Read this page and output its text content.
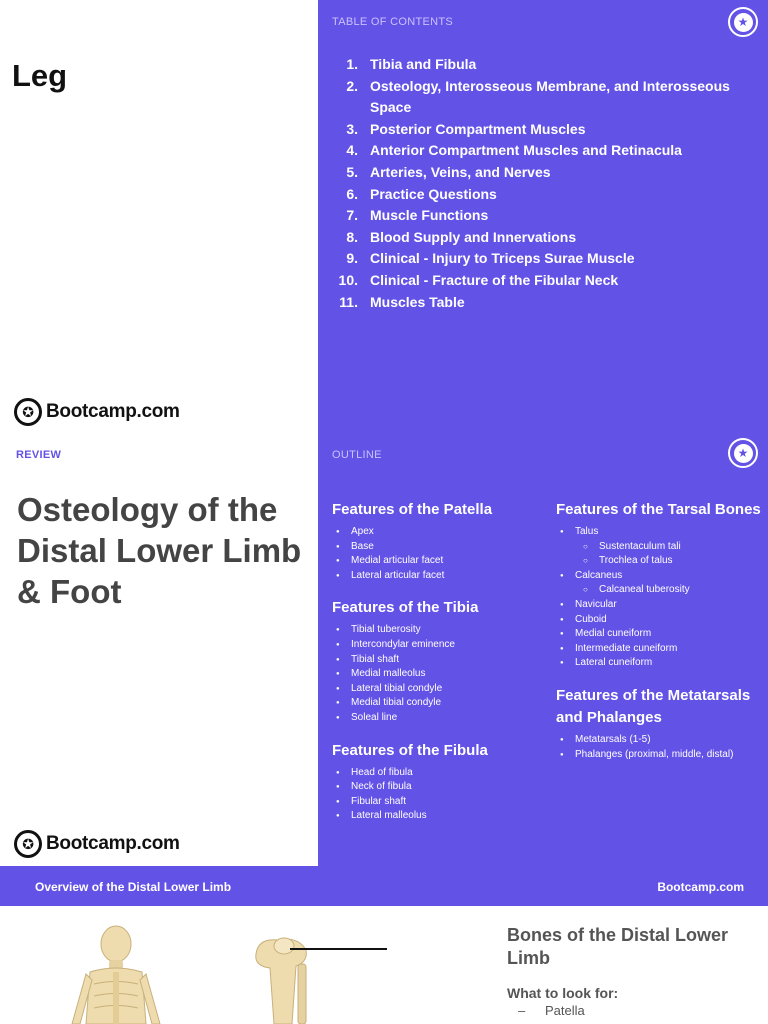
Leg
✪ Bootcamp.com
TABLE OF CONTENTS	★
1. Tibia and Fibula
2. Osteology, Interosseous Membrane, and Interosseous Space
3. Posterior Compartment Muscles
4. Anterior Compartment Muscles and Retinacula
5. Arteries, Veins, and Nerves
6. Practice Questions
7. Muscle Functions
8. Blood Supply and Innervations
9. Clinical - Injury to Triceps Surae Muscle
10. Clinical - Fracture of the Fibular Neck
11. Muscles Table
REVIEW
Osteology of the Distal Lower Limb & Foot
✪ Bootcamp.com
OUTLINE	★
Features of the Patella
● Apex
● Base
● Medial articular facet
● Lateral articular facet
Features of the Tibia
● Tibial tuberosity
● Intercondylar eminence
● Tibial shaft
● Medial malleolus
● Lateral tibial condyle
● Medial tibial condyle
● Soleal line
Features of the Fibula
● Head of fibula
● Neck of fibula
● Fibular shaft
● Lateral malleolus
Features of the Tarsal Bones
● Talus
○ Sustentaculum tali
○ Trochlea of talus
● Calcaneus
○ Calcaneal tuberosity
● Navicular
● Cuboid
● Medial cuneiform
● Intermediate cuneiform
● Lateral cuneiform
Features of the Metatarsals and Phalanges
● Metatarsals (1-5)
● Phalanges (proximal, middle, distal)
Overview of the Distal Lower Limb	Bootcamp.com
Bones of the Distal Lower Limb
What to look for:
– Patella
